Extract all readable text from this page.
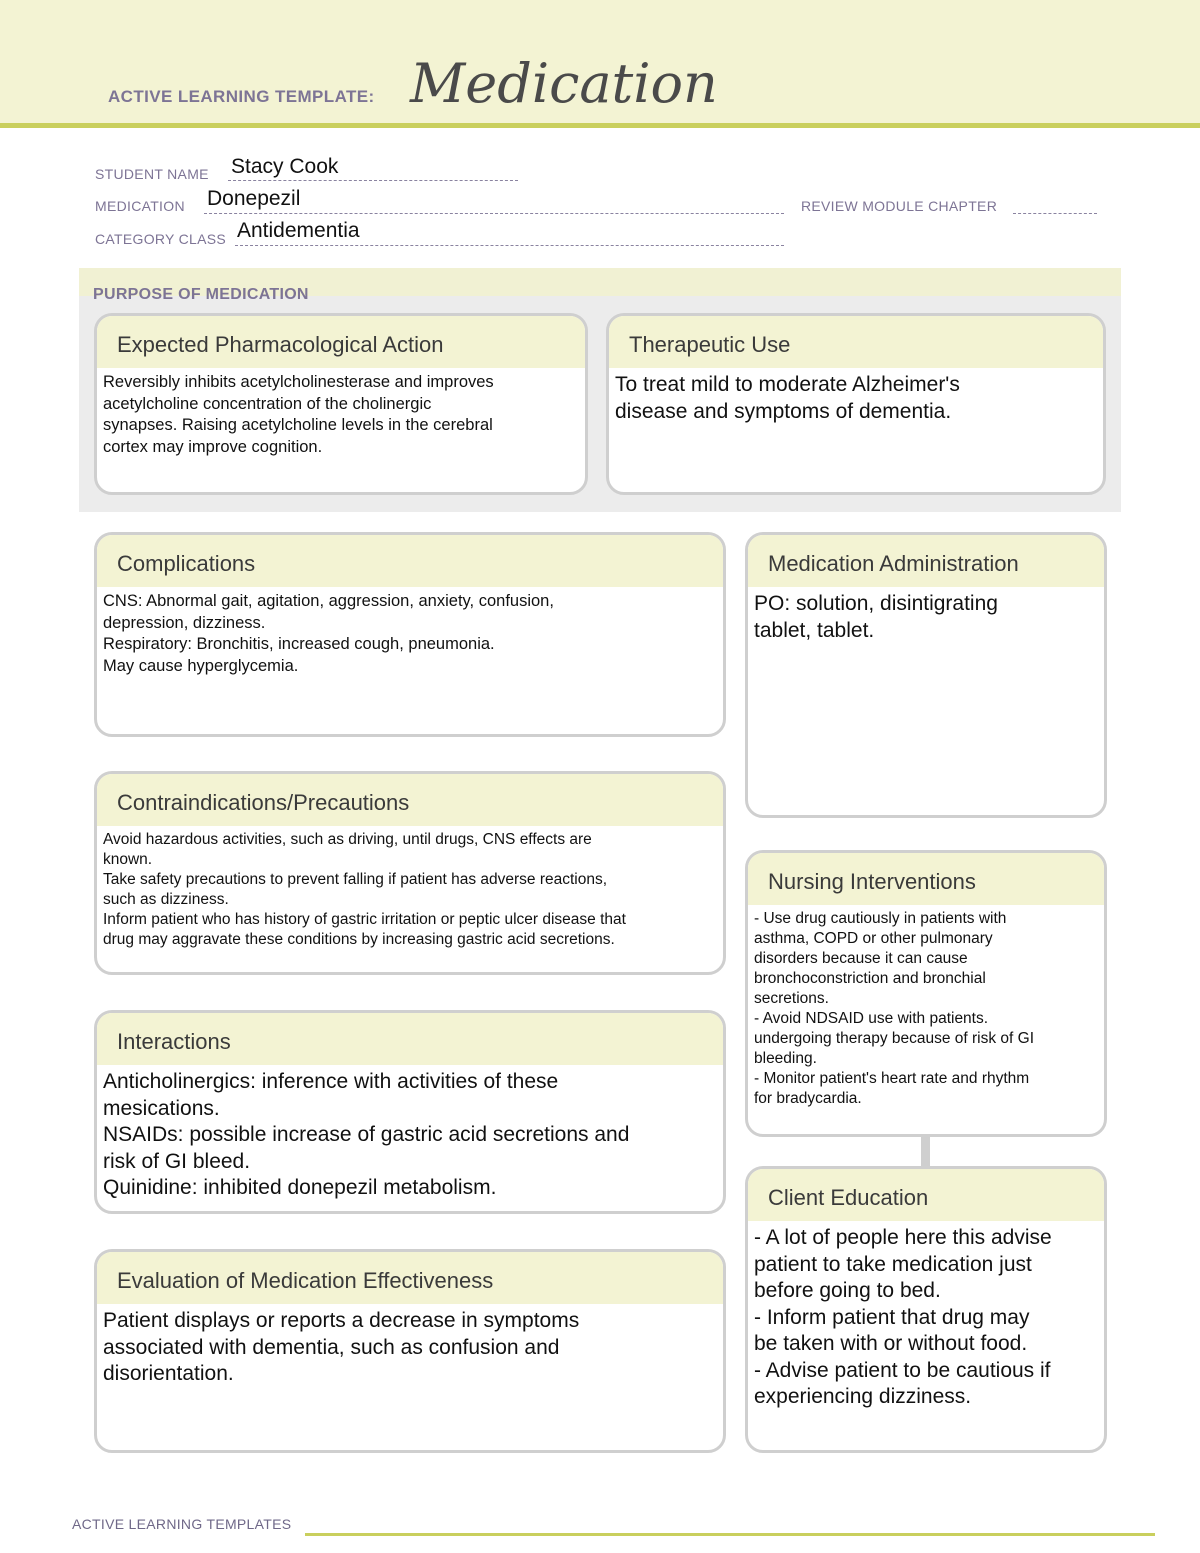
ACTIVE LEARNING TEMPLATE: Medication
STUDENT NAME Stacy Cook
MEDICATION Donepezil	REVIEW MODULE CHAPTER
CATEGORY CLASS Antidementia
PURPOSE OF MEDICATION
Expected Pharmacological Action
Reversibly inhibits acetylcholinesterase and improves
acetylcholine concentration of the cholinergic
synapses. Raising acetylcholine levels in the cerebral
cortex may improve cognition.
Therapeutic Use
To treat mild to moderate Alzheimer's
disease and symptoms of dementia.
Complications
CNS: Abnormal gait, agitation, aggression, anxiety, confusion,
depression, dizziness.
Respiratory: Bronchitis, increased cough, pneumonia.
May cause hyperglycemia.
Contraindications/Precautions
Avoid hazardous activities, such as driving, until drugs, CNS effects are
known.
Take safety precautions to prevent falling if patient has adverse reactions,
such as dizziness.
Inform patient who has history of gastric irritation or peptic ulcer disease that
drug may aggravate these conditions by increasing gastric acid secretions.
Interactions
Anticholinergics: inference with activities of these
mesications.
NSAIDs: possible increase of gastric acid secretions and
risk of GI bleed.
Quinidine: inhibited donepezil metabolism.
Evaluation of Medication Effectiveness
Patient displays or reports a decrease in symptoms
associated with dementia, such as confusion and
disorientation.
Medication Administration
PO: solution, disintigrating
tablet, tablet.
Nursing Interventions
- Use drug cautiously in patients with
asthma, COPD or other pulmonary
disorders because it can cause
bronchoconstriction and bronchial
secretions.
- Avoid NDSAID use with patients.
undergoing therapy because of risk of GI
bleeding.
- Monitor patient's heart rate and rhythm
for bradycardia.
Client Education
- A lot of people here this advise
patient to take medication just
before going to bed.
- Inform patient that drug may
be taken with or without food.
- Advise patient to be cautious if
experiencing dizziness.
ACTIVE LEARNING TEMPLATES
